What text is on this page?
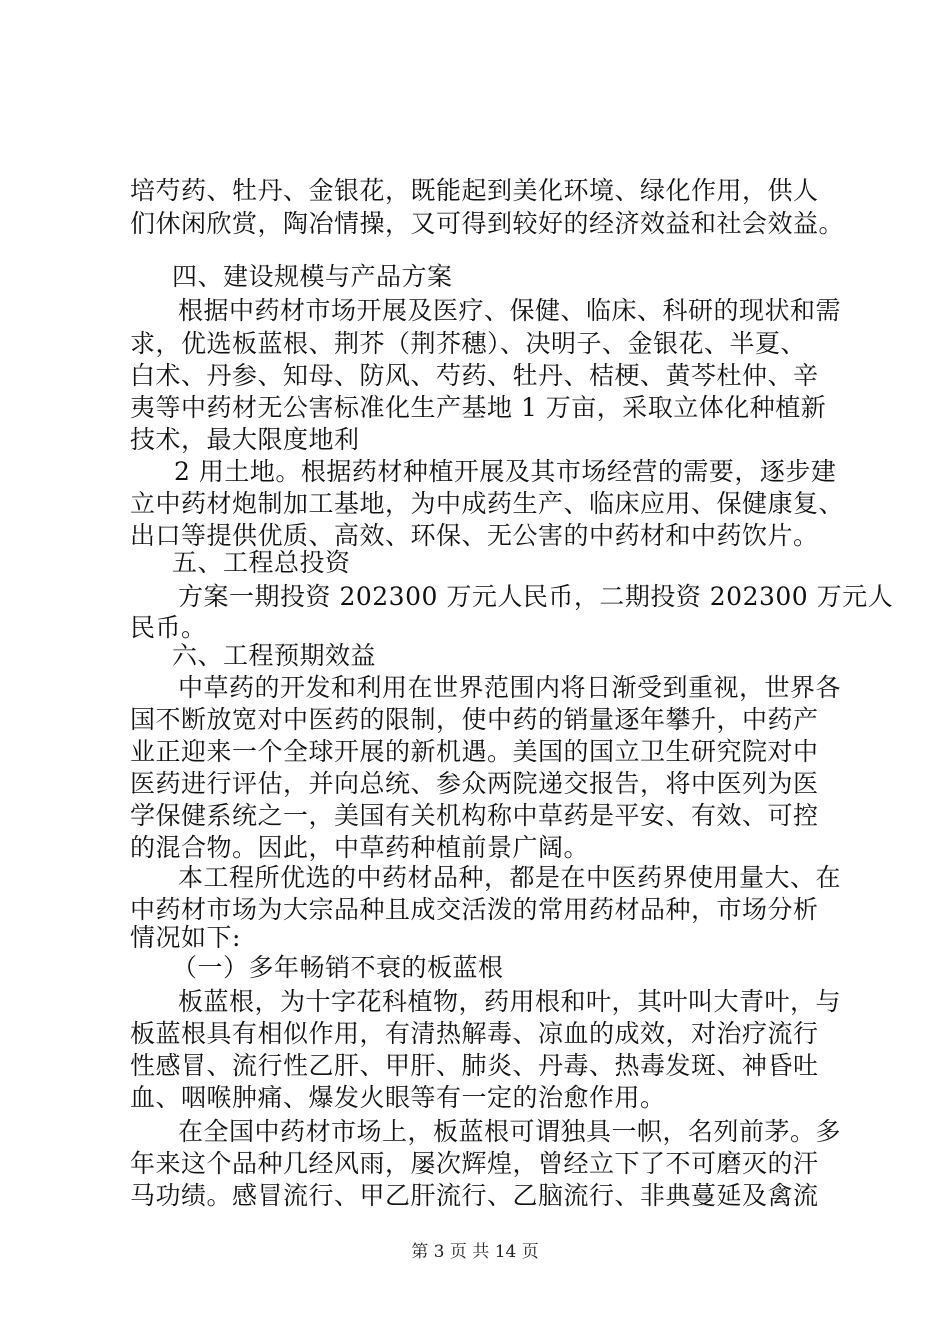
培芍药、牡丹、金银花，既能起到美化环境、绿化作用，供人
们休闲欣赏，陶冶情操，又可得到较好的经济效益和社会效益。
四、建设规模与产品方案
根据中药材市场开展及医疗、保健、临床、科研的现状和需
求，优选板蓝根、荆芥（荆芥穗）、决明子、金银花、半夏、
白术、丹参、知母、防风、芍药、牡丹、桔梗、黄芩杜仲、辛
夷等中药材无公害标准化生产基地 1 万亩，采取立体化种植新
技术，最大限度地利
2 用土地。根据药材种植开展及其市场经营的需要，逐步建
立中药材炮制加工基地，为中成药生产、临床应用、保健康复、
出口等提供优质、高效、环保、无公害的中药材和中药饮片。
五、工程总投资
方案一期投资 202300 万元人民币，二期投资 202300 万元人
民币。
六、工程预期效益
中草药的开发和利用在世界范围内将日渐受到重视，世界各
国不断放宽对中医药的限制，使中药的销量逐年攀升，中药产
业正迎来一个全球开展的新机遇。美国的国立卫生研究院对中
医药进行评估，并向总统、参众两院递交报告，将中医列为医
学保健系统之一，美国有关机构称中草药是平安、有效、可控
的混合物。因此，中草药种植前景广阔。
本工程所优选的中药材品种，都是在中医药界使用量大、在
中药材市场为大宗品种且成交活泼的常用药材品种，市场分析
情况如下:
（一）多年畅销不衰的板蓝根
板蓝根，为十字花科植物，药用根和叶，其叶叫大青叶，与
板蓝根具有相似作用，有清热解毒、凉血的成效，对治疗流行
性感冒、流行性乙肝、甲肝、肺炎、丹毒、热毒发斑、神昏吐
血、咽喉肿痛、爆发火眼等有一定的治愈作用。
在全国中药材市场上，板蓝根可谓独具一帜，名列前茅。多
年来这个品种几经风雨，屡次辉煌，曾经立下了不可磨灭的汗
马功绩。感冒流行、甲乙肝流行、乙脑流行、非典蔓延及禽流
第 3 页 共 14 页
